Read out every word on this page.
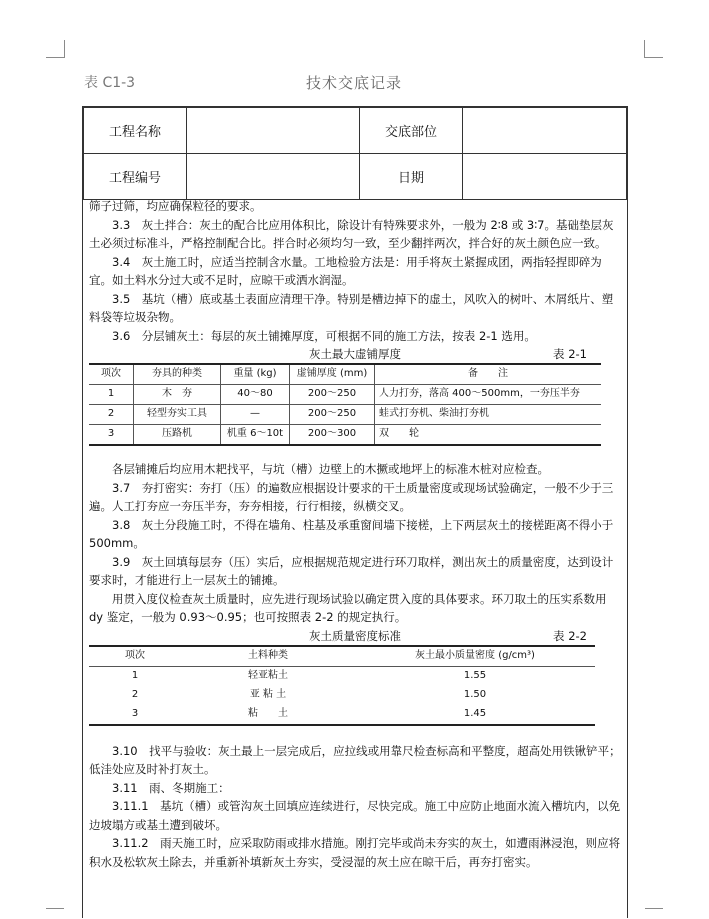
表 C1-3	技术交底记录
工程名称		交底部位	
工程编号		日期	

筛子过筛，均应确保粒径的要求。

3.3　灰土拌合：灰土的配合比应用体积比，除设计有特殊要求外，一般为 2∶8 或 3∶7。基础垫层灰土必须过标准斗，严格控制配合比。拌合时必须均匀一致，至少翻拌两次，拌合好的灰土颜色应一致。

3.4　灰土施工时，应适当控制含水量。工地检验方法是：用手将灰土紧握成团，两指轻捏即碎为宜。如土料水分过大或不足时，应晾干或洒水润湿。

3.5　基坑（槽）底或基土表面应清理干净。特别是槽边掉下的虚土，风吹入的树叶、木屑纸片、塑料袋等垃圾杂物。

3.6　分层铺灰土：每层的灰土铺摊厚度，可根据不同的施工方法，按表 2-1 选用。

灰土最大虚铺厚度	表 2-1
项次	夯具的种类	重量 (kg)	虚铺厚度 (mm)	备　　注
1	木　夯	40～80	200～250	人力打夯，落高 400～500mm，一夯压半夯
2	轻型夯实工具	—	200～250	蛙式打夯机、柴油打夯机
3	压路机	机重 6～10t	200～300	双　　轮

各层铺摊后均应用木耙找平，与坑（槽）边壁上的木撅或地坪上的标准木桩对应检查。

3.7　夯打密实：夯打（压）的遍数应根据设计要求的干土质量密度或现场试验确定，一般不少于三遍。人工打夯应一夯压半夯，夯夯相接，行行相接，纵横交叉。

3.8　灰土分段施工时，不得在墙角、柱基及承重窗间墙下接槎，上下两层灰土的接槎距离不得小于 500mm。

3.9　灰土回填每层夯（压）实后，应根据规范规定进行环刀取样，测出灰土的质量密度，达到设计要求时，才能进行上一层灰土的铺摊。

用贯入度仪检查灰土质量时，应先进行现场试验以确定贯入度的具体要求。环刀取土的压实系数用 dy 鉴定，一般为 0.93～0.95；也可按照表 2-2 的规定执行。

灰土质量密度标准	表 2-2
项次	土料种类	灰土最小质量密度 (g/cm³)
1	轻亚粘土	1.55
2	亚 粘 土	1.50
3	粘　　土	1.45

3.10　找平与验收：灰土最上一层完成后，应拉线或用靠尺检查标高和平整度，超高处用铁锹铲平；低洼处应及时补打灰土。

3.11　雨、冬期施工：

3.11.1　基坑（槽）或管沟灰土回填应连续进行，尽快完成。施工中应防止地面水流入槽坑内，以免边坡塌方或基土遭到破坏。

3.11.2　雨天施工时，应采取防雨或排水措施。刚打完毕或尚未夯实的灰土，如遭雨淋浸泡，则应将积水及松软灰土除去，并重新补填新灰土夯实，受浸湿的灰土应在晾干后，再夯打密实。
